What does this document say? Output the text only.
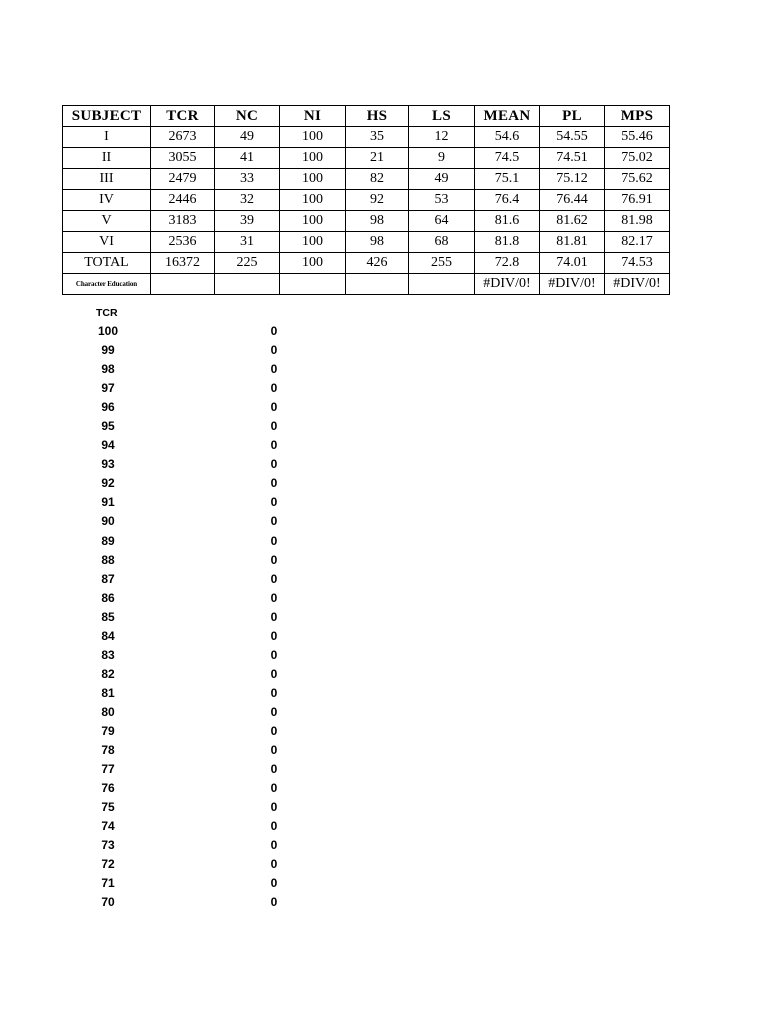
SUBJECT	TCR	NC	NI	HS	LS	MEAN	PL	MPS
I	2673	49	100	35	12	54.6	54.55	55.46
II	3055	41	100	21	9	74.5	74.51	75.02
III	2479	33	100	82	49	75.1	75.12	75.62
IV	2446	32	100	92	53	76.4	76.44	76.91
V	3183	39	100	98	64	81.6	81.62	81.98
VI	2536	31	100	98	68	81.8	81.81	82.17
TOTAL	16372	225	100	426	255	72.8	74.01	74.53
Character Education						#DIV/0!	#DIV/0!	#DIV/0!
TCR
100	0
99	0
98	0
97	0
96	0
95	0
94	0
93	0
92	0
91	0
90	0
89	0
88	0
87	0
86	0
85	0
84	0
83	0
82	0
81	0
80	0
79	0
78	0
77	0
76	0
75	0
74	0
73	0
72	0
71	0
70	0
